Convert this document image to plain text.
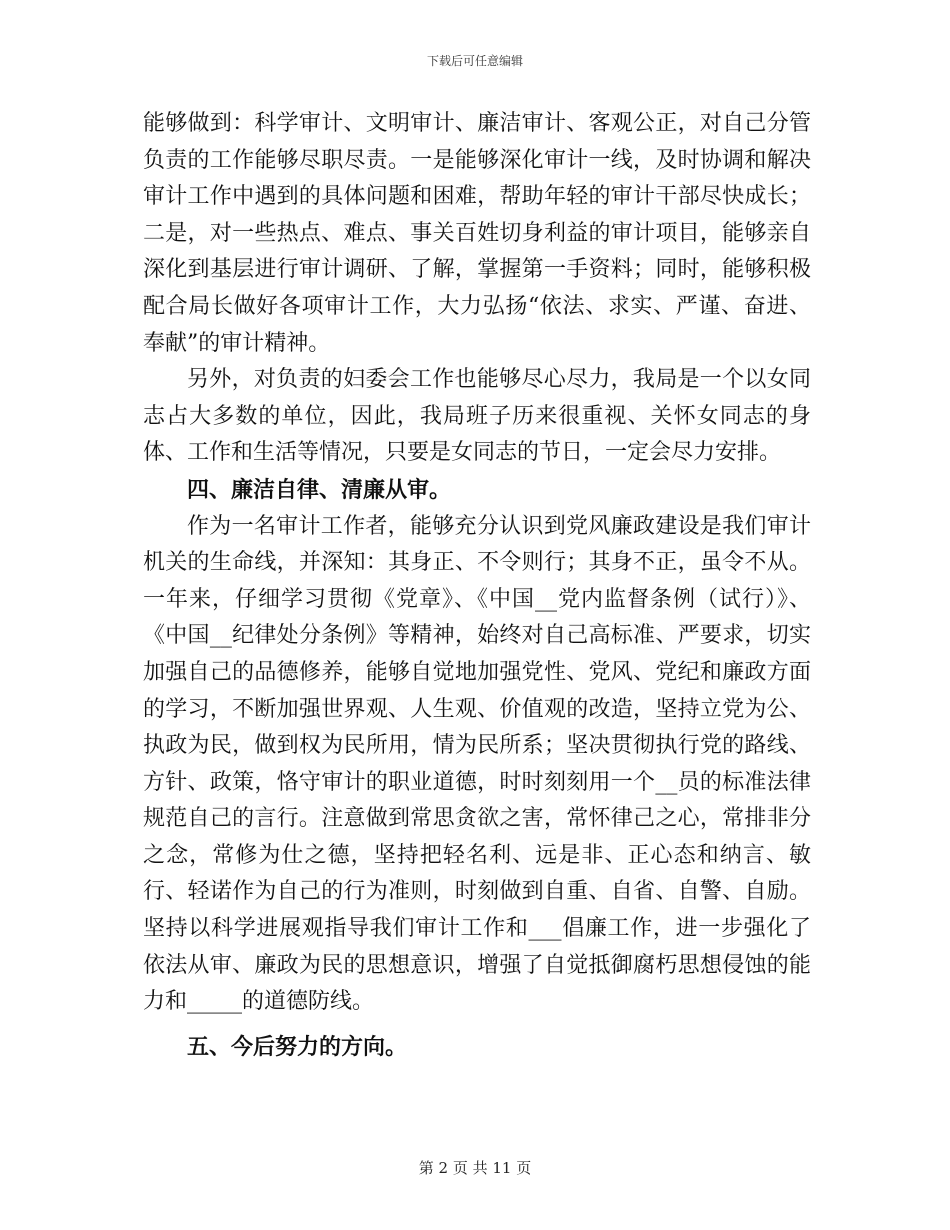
下载后可任意编辑

能够做到：科学审计、文明审计、廉洁审计、客观公正，对自己分管负责的工作能够尽职尽责。一是能够深化审计一线，及时协调和解决审计工作中遇到的具体问题和困难，帮助年轻的审计干部尽快成长；二是，对一些热点、难点、事关百姓切身利益的审计项目，能够亲自深化到基层进行审计调研、了解，掌握第一手资料；同时，能够积极配合局长做好各项审计工作，大力弘扬“依法、求实、严谨、奋进、奉献”的审计精神。

另外，对负责的妇委会工作也能够尽心尽力，我局是一个以女同志占大多数的单位，因此，我局班子历来很重视、关怀女同志的身体、工作和生活等情况，只要是女同志的节日，一定会尽力安排。

四、廉洁自律、清廉从审。

作为一名审计工作者，能够充分认识到党风廉政建设是我们审计机关的生命线，并深知：其身正、不令则行；其身不正，虽令不从。一年来，仔细学习贯彻《党章》、《中国__党内监督条例（试行）》、《中国__纪律处分条例》等精神，始终对自己高标准、严要求，切实加强自己的品德修养，能够自觉地加强党性、党风、党纪和廉政方面的学习，不断加强世界观、人生观、价值观的改造，坚持立党为公、执政为民，做到权为民所用，情为民所系；坚决贯彻执行党的路线、方针、政策，恪守审计的职业道德，时时刻刻用一个__员的标准法律规范自己的言行。注意做到常思贪欲之害，常怀律己之心，常排非分之念，常修为仕之德，坚持把轻名利、远是非、正心态和纳言、敏行、轻诺作为自己的行为准则，时刻做到自重、自省、自警、自励。坚持以科学进展观指导我们审计工作和___倡廉工作，进一步强化了依法从审、廉政为民的思想意识，增强了自觉抵御腐朽思想侵蚀的能力和_____的道德防线。

五、今后努力的方向。

第 2 页 共 11 页
